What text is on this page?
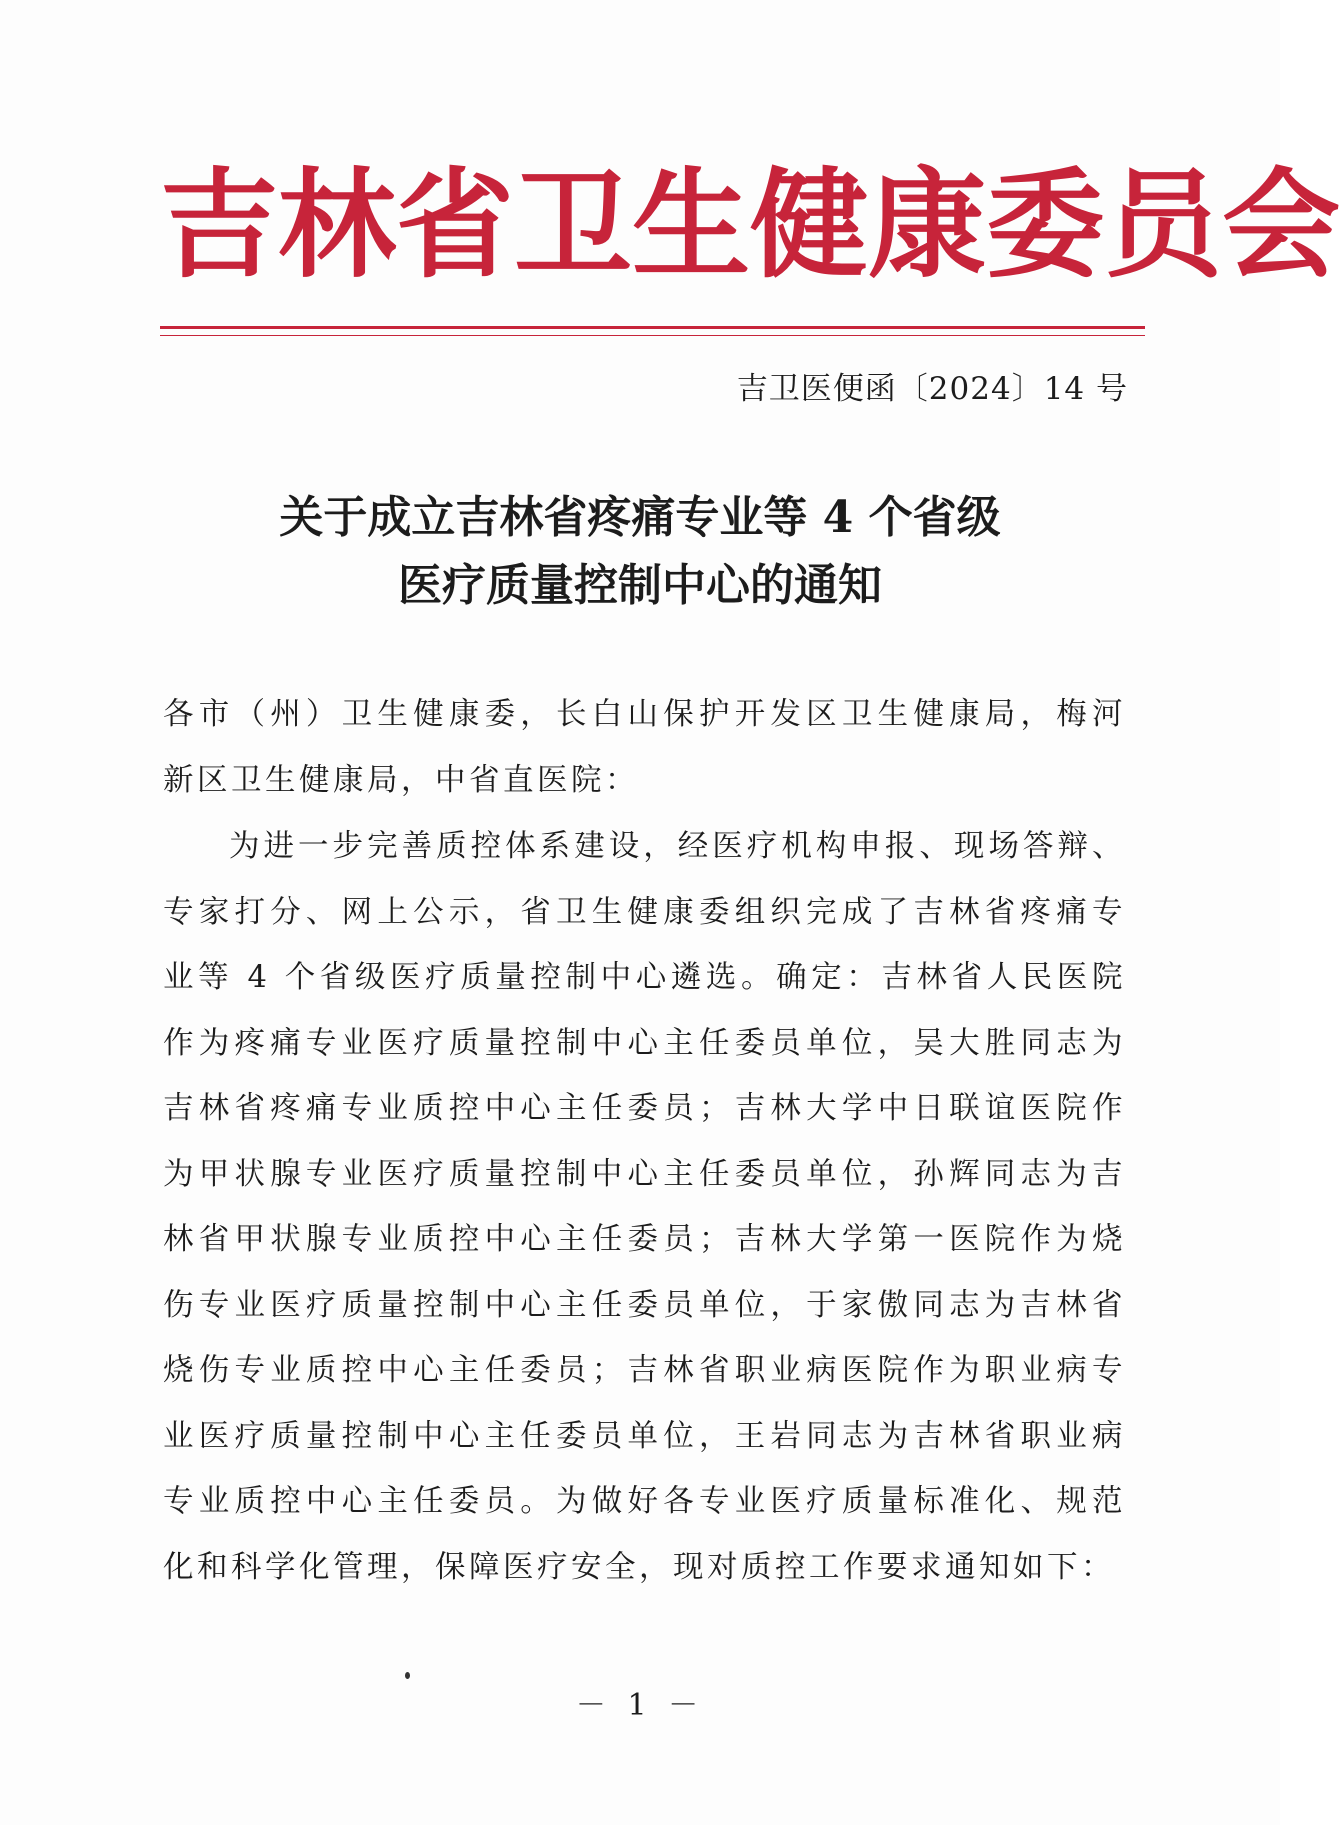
吉 林 省 卫 生 健 康 委 员 会
吉卫医便函〔2024〕14 号
关于成立吉林省疼痛专业等 4 个省级
医疗质量控制中心的通知
各市（州）卫生健康委，长白山保护开发区卫生健康局，梅河
新区卫生健康局，中省直医院：
为进一步完善质控体系建设，经医疗机构申报、现场答辩、
专家打分、网上公示，省卫生健康委组织完成了吉林省疼痛专
业等 4 个省级医疗质量控制中心遴选。确定：吉林省人民医院
作为疼痛专业医疗质量控制中心主任委员单位，吴大胜同志为
吉林省疼痛专业质控中心主任委员；吉林大学中日联谊医院作
为甲状腺专业医疗质量控制中心主任委员单位，孙辉同志为吉
林省甲状腺专业质控中心主任委员；吉林大学第一医院作为烧
伤专业医疗质量控制中心主任委员单位，于家傲同志为吉林省
烧伤专业质控中心主任委员；吉林省职业病医院作为职业病专
业医疗质量控制中心主任委员单位，王岩同志为吉林省职业病
专业质控中心主任委员。为做好各专业医疗质量标准化、规范
化和科学化管理，保障医疗安全，现对质控工作要求通知如下：
－ 1 －
